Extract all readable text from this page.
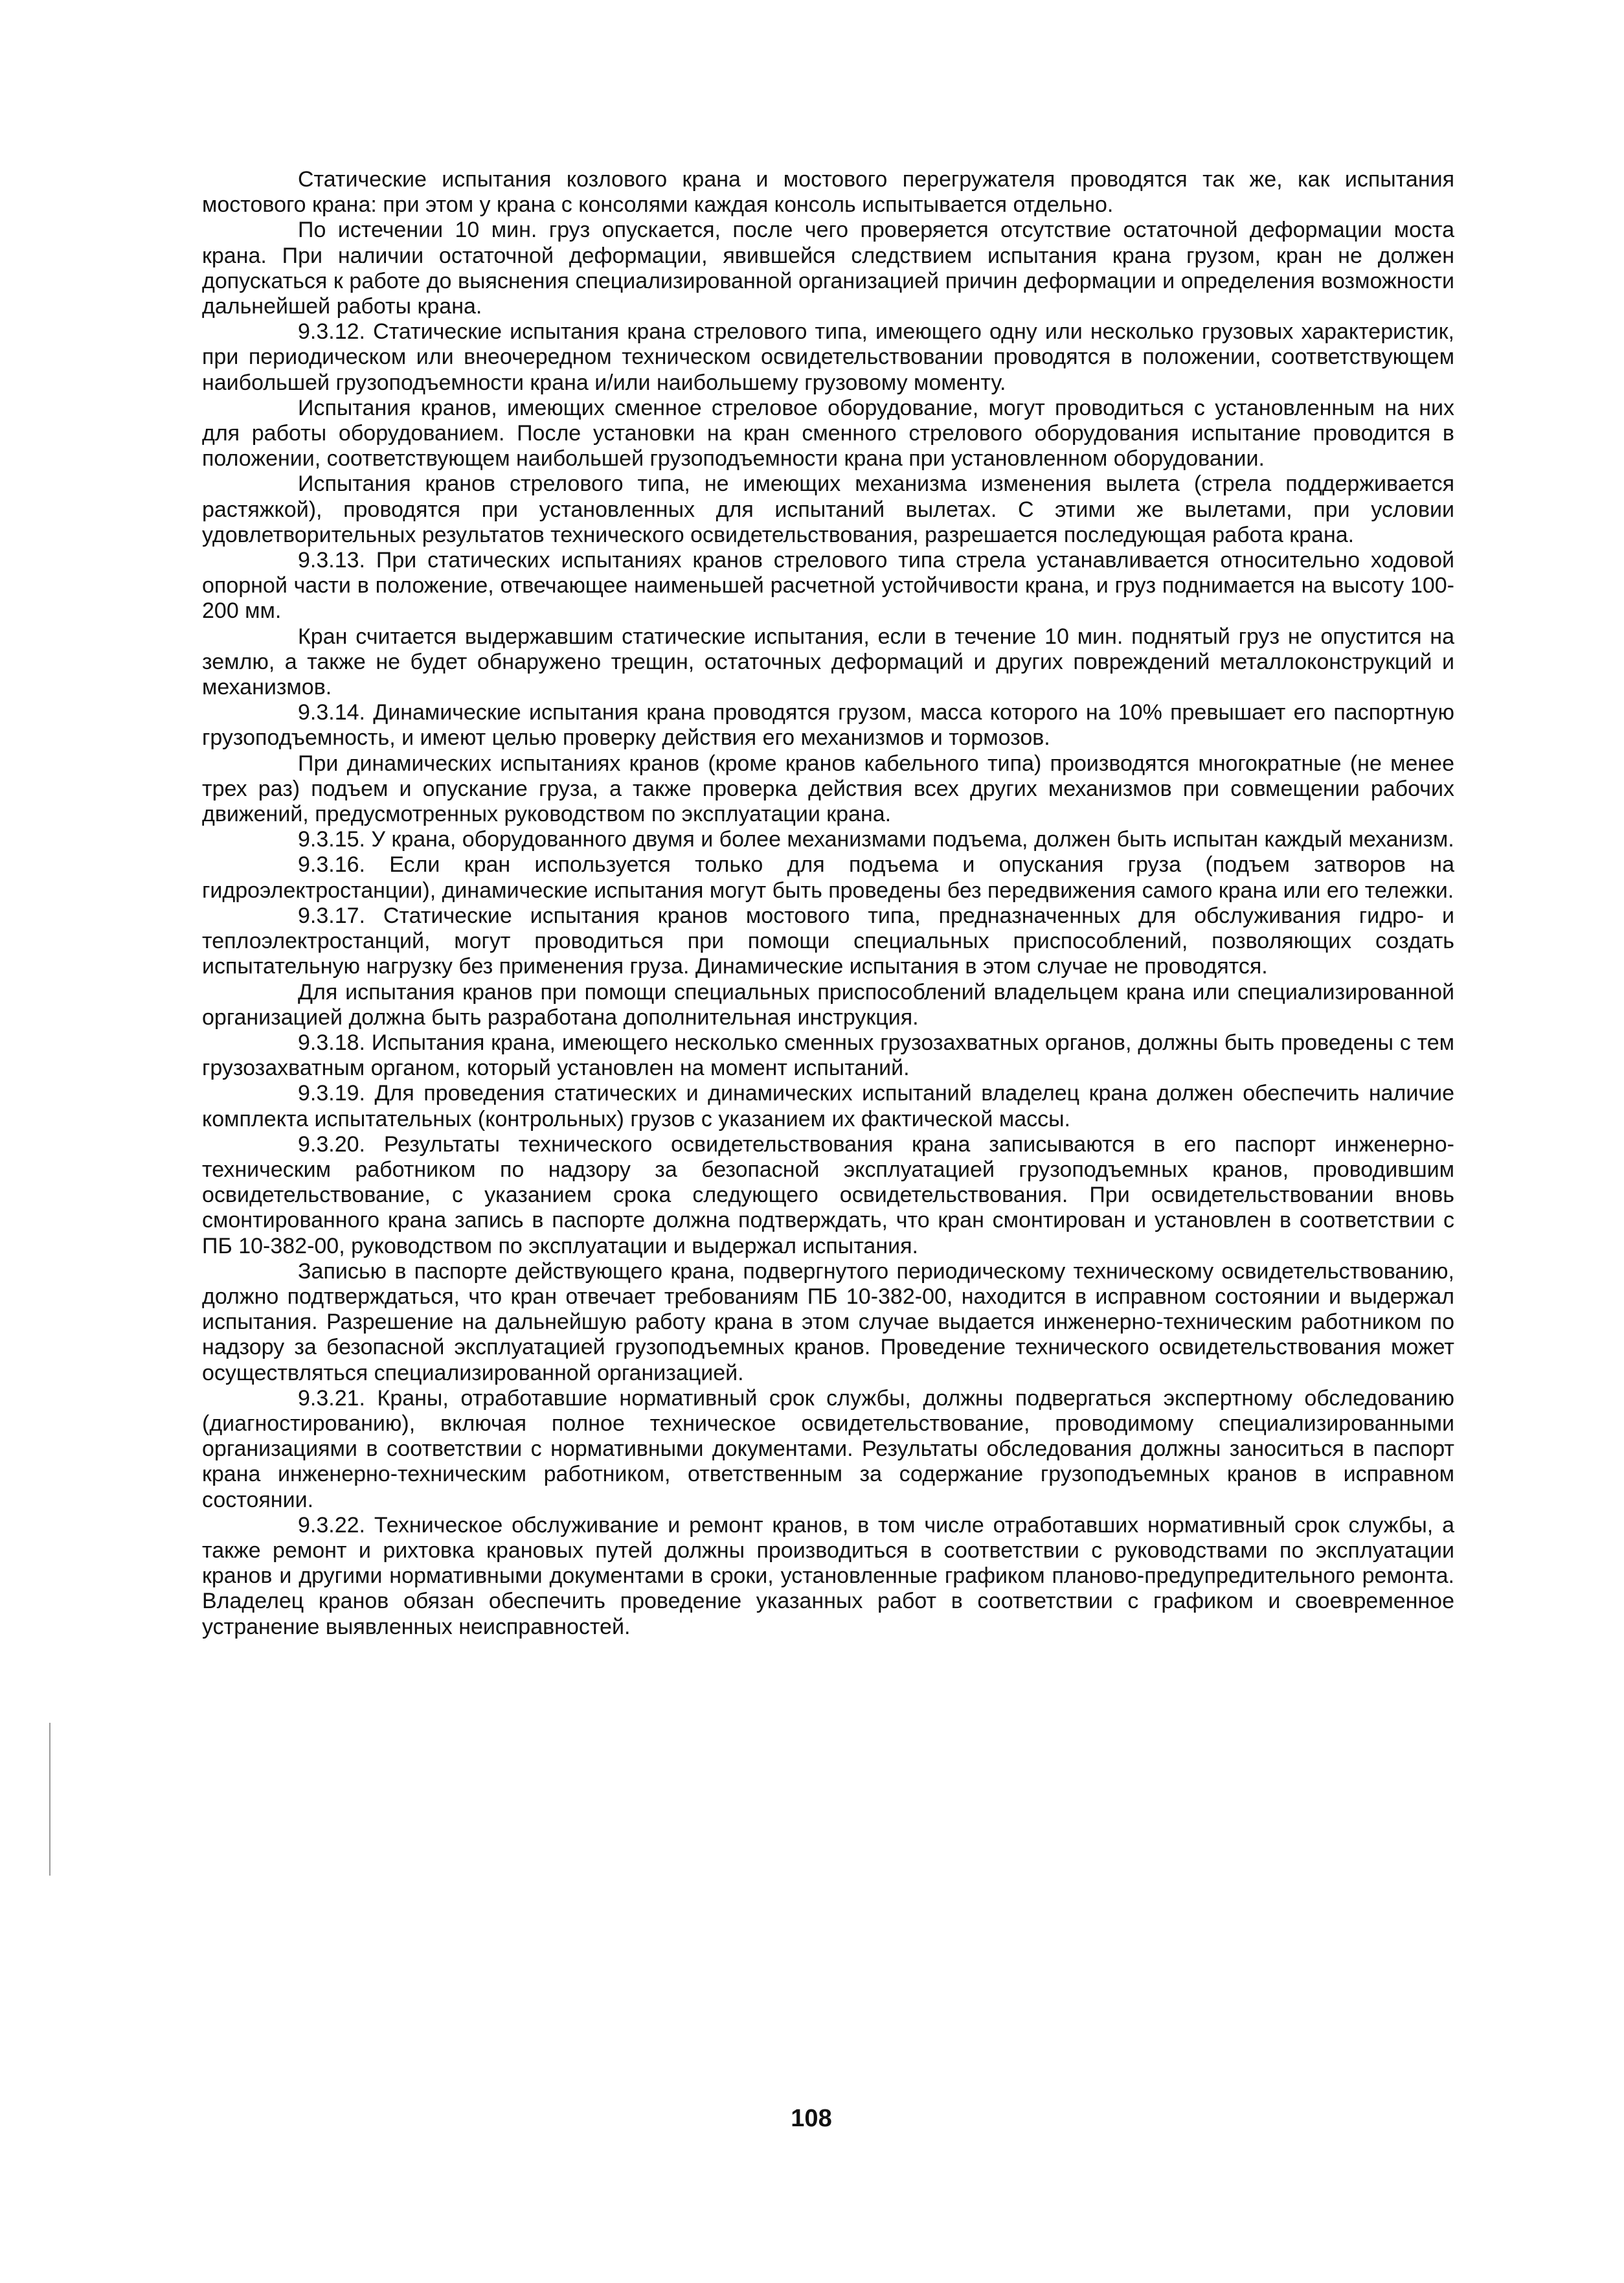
Статические испытания козлового крана и мостового перегружателя проводятся так же, как испытания мостового крана: при этом у крана с консолями каждая консоль испытывается отдельно.

По истечении 10 мин. груз опускается, после чего проверяется отсутствие остаточной деформации моста крана. При наличии остаточной деформации, явившейся следствием испытания крана грузом, кран не должен допускаться к работе до выяснения специализированной организацией причин деформации и определения возможности дальнейшей работы крана.

9.3.12. Статические испытания крана стрелового типа, имеющего одну или несколько грузовых характеристик, при периодическом или внеочередном техническом освидетельствовании проводятся в положении, соответствующем наибольшей грузоподъемности крана и/или наибольшему грузовому моменту.

Испытания кранов, имеющих сменное стреловое оборудование, могут проводиться с установленным на них для работы оборудованием. После установки на кран сменного стрелового оборудования испытание проводится в положении, соответствующем наибольшей грузоподъемности крана при установленном оборудовании.

Испытания кранов стрелового типа, не имеющих механизма изменения вылета (стрела поддерживается растяжкой), проводятся при установленных для испытаний вылетах. С этими же вылетами, при условии удовлетворительных результатов технического освидетельствования, разрешается последующая работа крана.

9.3.13. При статических испытаниях кранов стрелового типа стрела устанавливается относительно ходовой опорной части в положение, отвечающее наименьшей расчетной устойчивости крана, и груз поднимается на высоту 100-200 мм.

Кран считается выдержавшим статические испытания, если в течение 10 мин. поднятый груз не опустится на землю, а также не будет обнаружено трещин, остаточных деформаций и других повреждений металлоконструкций и механизмов.

9.3.14. Динамические испытания крана проводятся грузом, масса которого на 10% превышает его паспортную грузоподъемность, и имеют целью проверку действия его механизмов и тормозов.

При динамических испытаниях кранов (кроме кранов кабельного типа) производятся многократные (не менее трех раз) подъем и опускание груза, а также проверка действия всех других механизмов при совмещении рабочих движений, предусмотренных руководством по эксплуатации крана.

9.3.15. У крана, оборудованного двумя и более механизмами подъема, должен быть испытан каждый механизм.

9.3.16. Если кран используется только для подъема и опускания груза (подъем затворов на гидроэлектростанции), динамические испытания могут быть проведены без передвижения самого крана или его тележки.

9.3.17. Статические испытания кранов мостового типа, предназначенных для обслуживания гидро- и теплоэлектростанций, могут проводиться при помощи специальных приспособлений, позволяющих создать испытательную нагрузку без применения груза. Динамические испытания в этом случае не проводятся.

Для испытания кранов при помощи специальных приспособлений владельцем крана или специализированной организацией должна быть разработана дополнительная инструкция.

9.3.18. Испытания крана, имеющего несколько сменных грузозахватных органов, должны быть проведены с тем грузозахватным органом, который установлен на момент испытаний.

9.3.19. Для проведения статических и динамических испытаний владелец крана должен обеспечить наличие комплекта испытательных (контрольных) грузов с указанием их фактической массы.

9.3.20. Результаты технического освидетельствования крана записываются в его паспорт инженерно-техническим работником по надзору за безопасной эксплуатацией грузоподъемных кранов, проводившим освидетельствование, с указанием срока следующего освидетельствования. При освидетельствовании вновь смонтированного крана запись в паспорте должна подтверждать, что кран смонтирован и установлен в соответствии с ПБ 10-382-00, руководством по эксплуатации и выдержал испытания.

Записью в паспорте действующего крана, подвергнутого периодическому техническому освидетельствованию, должно подтверждаться, что кран отвечает требованиям ПБ 10-382-00, находится в исправном состоянии и выдержал испытания. Разрешение на дальнейшую работу крана в этом случае выдается инженерно-техническим работником по надзору за безопасной эксплуатацией грузоподъемных кранов. Проведение технического освидетельствования может осуществляться специализированной организацией.

9.3.21. Краны, отработавшие нормативный срок службы, должны подвергаться экспертному обследованию (диагностированию), включая полное техническое освидетельствование, проводимому специализированными организациями в соответствии с нормативными документами. Результаты обследования должны заноситься в паспорт крана инженерно-техническим работником, ответственным за содержание грузоподъемных кранов в исправном состоянии.

9.3.22. Техническое обслуживание и ремонт кранов, в том числе отработавших нормативный срок службы, а также ремонт и рихтовка крановых путей должны производиться в соответствии с руководствами по эксплуатации кранов и другими нормативными документами в сроки, установленные графиком планово-предупредительного ремонта. Владелец кранов обязан обеспечить проведение указанных работ в соответствии с графиком и своевременное устранение выявленных неисправностей.

108
